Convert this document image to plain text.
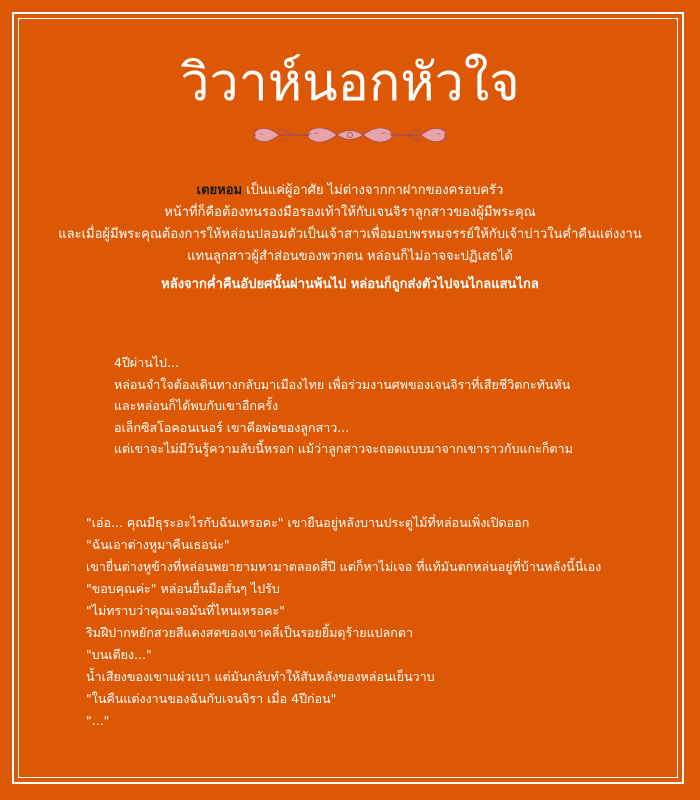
วิวาห์นอกหัวใจ
เตยหอม เป็นแค่ผู้อาศัย ไม่ต่างจากกาฝากของครอบครัว
หน้าที่ก็คือต้องทนรองมือรองเท้าให้กับเจนจิราลูกสาวของผู้มีพระคุณ
และเมื่อผู้มีพระคุณต้องการให้หล่อนปลอมตัวเป็นเจ้าสาวเพื่อมอบพรหมจรรย์ให้กับเจ้าบ่าวในค่ำคืนแต่งงาน
แทนลูกสาวผู้สำส่อนของพวกตน หล่อนก็ไม่อาจจะปฏิเสธได้
หลังจากค่ำคืนอัปยศนั้นผ่านพ้นไป หล่อนก็ถูกส่งตัวไปจนไกลแสนไกล
4ปีผ่านไป...
หล่อนจำใจต้องเดินทางกลับมาเมืองไทย เพื่อร่วมงานศพของเจนจิราที่เสียชีวิตกะทันหัน
และหล่อนก็ได้พบกับเขาอีกครั้ง
อเล็กซิสโอคอนเนอร์ เขาคือพ่อของลูกสาว...
แต่เขาจะไม่มีวันรู้ความลับนี้หรอก แม้ว่าลูกสาวจะถอดแบบมาจากเขาราวกับแกะก็ตาม
"เอ่อ... คุณมีธุระอะไรกับฉันเหรอคะ" เขายืนอยู่หลังบานประตูไม้ที่หล่อนเพิ่งเปิดออก
"ฉันเอาต่างหูมาคืนเธอน่ะ"
เขายื่นต่างหูข้างที่หล่อนพยายามหามาตลอดสี่ปี แต่ก็หาไม่เจอ ที่แท้มันตกหล่นอยู่ที่บ้านหลังนี้นี่เอง
"ขอบคุณค่ะ" หล่อนยื่นมือสั่นๆ ไปรับ
"ไม่ทราบว่าคุณเจอมันที่ไหนเหรอคะ"
ริมฝีปากหยักสวยสีแดงสดของเขาคลี่เป็นรอยยิ้มดุร้ายแปลกตา
"บนเตียง..."
น้ำเสียงของเขาแผ่วเบา แต่มันกลับทำให้สันหลังของหล่อนเย็นวาบ
"ในคืนแต่งงานของฉันกับเจนจิรา เมื่อ 4ปีก่อน"
"..."
